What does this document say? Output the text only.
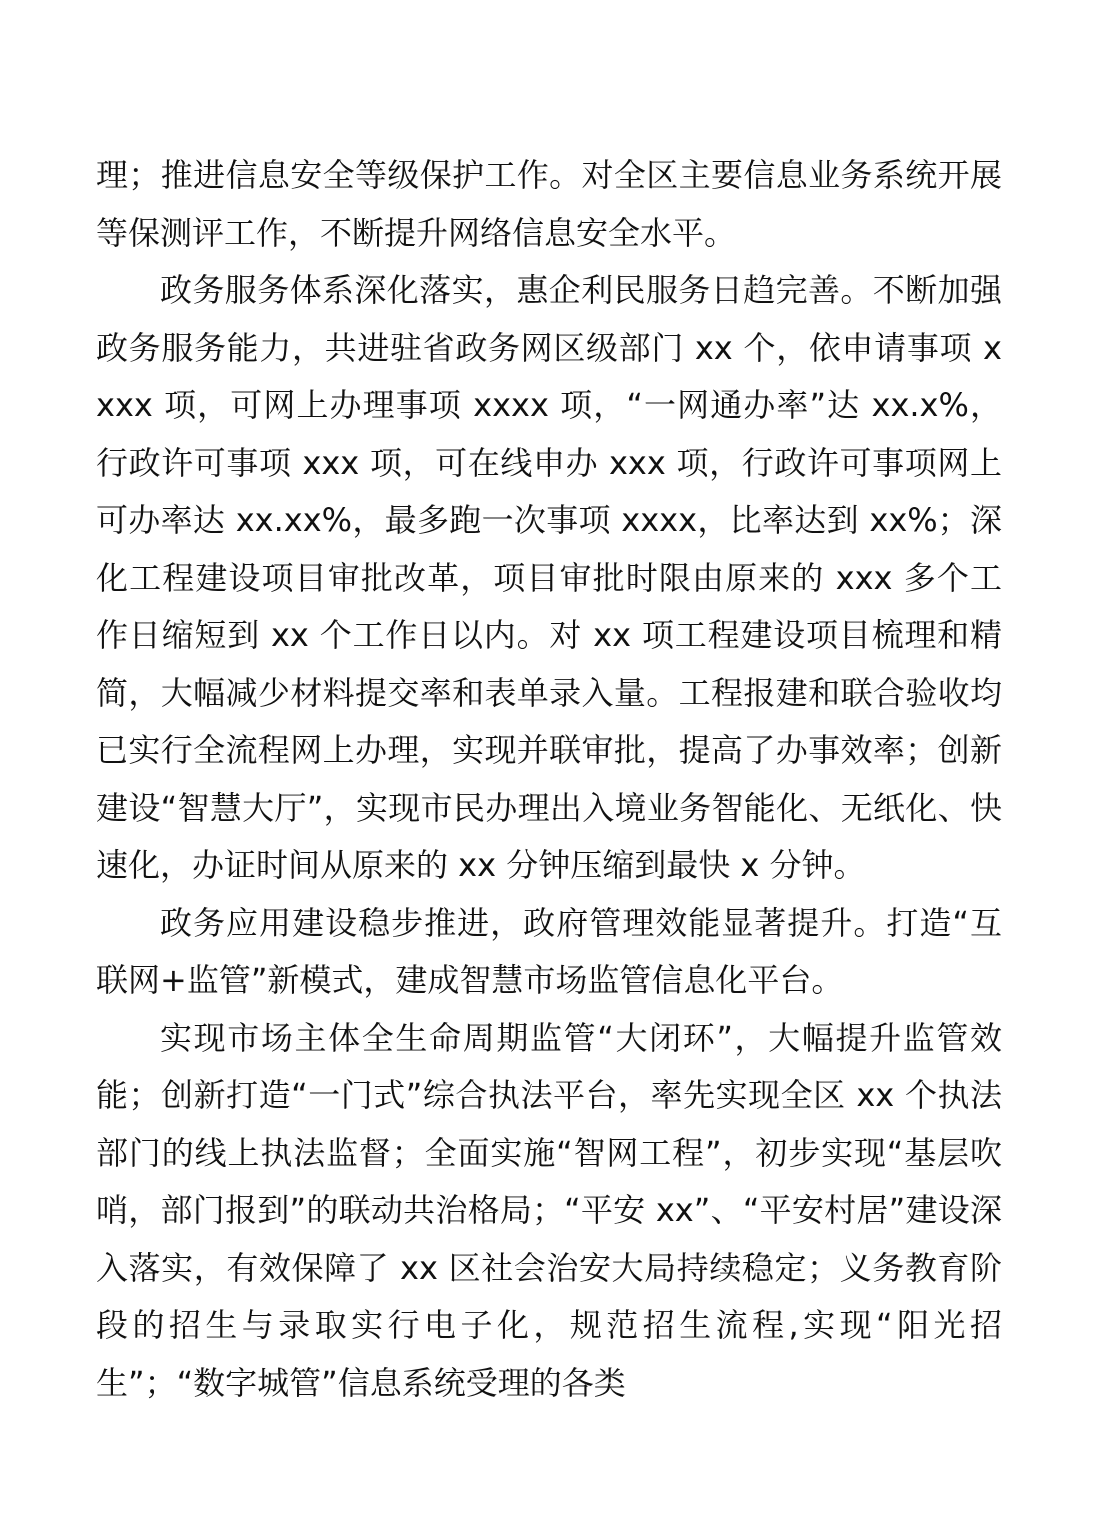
理；推进信息安全等级保护工作。对全区主要信息业务系统开展等保测评工作，不断提升网络信息安全水平。

政务服务体系深化落实，惠企利民服务日趋完善。不断加强政务服务能力，共进驻省政务网区级部门 xx 个，依申请事项 xxxx 项，可网上办理事项 xxxx 项，“一网通办率”达 xx.x%，行政许可事项 xxx 项，可在线申办 xxx 项，行政许可事项网上可办率达 xx.xx%，最多跑一次事项 xxxx，比率达到 xx%；深化工程建设项目审批改革，项目审批时限由原来的 xxx 多个工作日缩短到 xx 个工作日以内。对 xx 项工程建设项目梳理和精简，大幅减少材料提交率和表单录入量。工程报建和联合验收均已实行全流程网上办理，实现并联审批，提高了办事效率；创新建设“智慧大厅”，实现市民办理出入境业务智能化、无纸化、快速化，办证时间从原来的 xx 分钟压缩到最快 x 分钟。

政务应用建设稳步推进，政府管理效能显著提升。打造“互联网+监管”新模式，建成智慧市场监管信息化平台。

实现市场主体全生命周期监管“大闭环”，大幅提升监管效能；创新打造“一门式”综合执法平台，率先实现全区 xx 个执法部门的线上执法监督；全面实施“智网工程”，初步实现“基层吹哨，部门报到”的联动共治格局；“平安 xx”、“平安村居”建设深入落实，有效保障了 xx 区社会治安大局持续稳定；义务教育阶段的招生与录取实行电子化，规范招生流程,实现“阳光招生”；“数字城管”信息系统受理的各类
